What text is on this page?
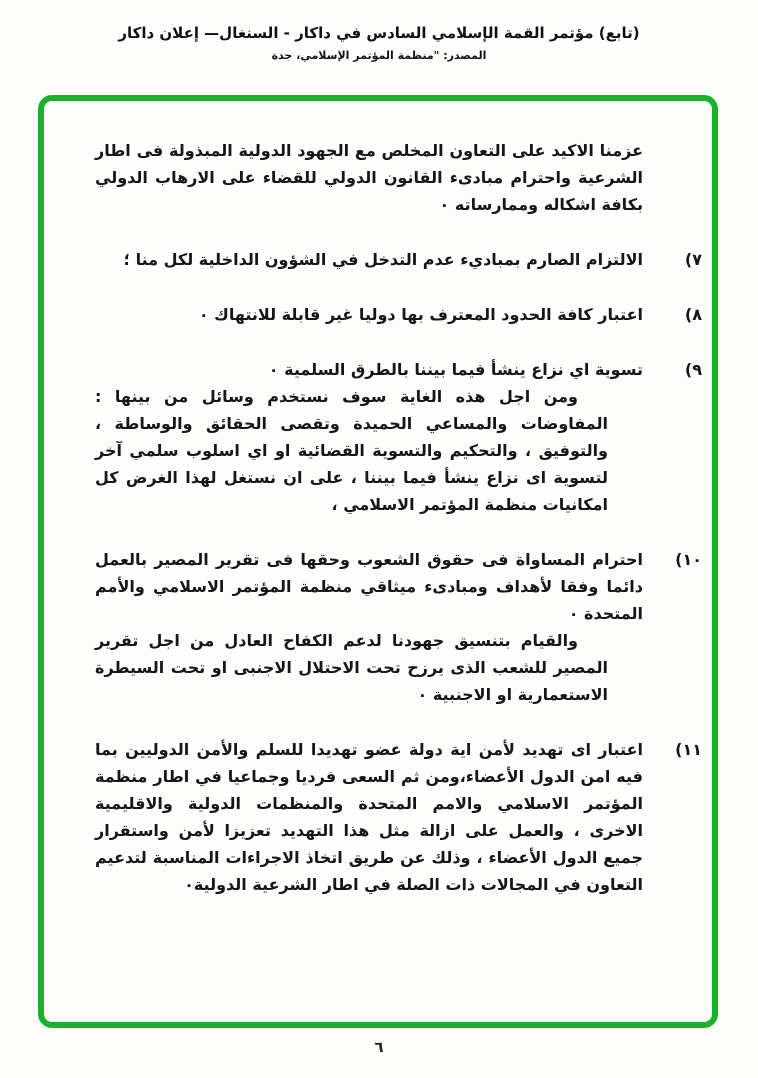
(تابع) مؤتمر القمة الإسلامي السادس في داكار - السنغال— إعلان داكار
المصدر: "منظمة المؤتمر الإسلامي، جدة

عزمنا الاكيد على التعاون المخلص مع الجهود الدولية المبذولة فى اطار الشرعية واحترام مبادىء القانون الدولي للقضاء على الارهاب الدولي بكافة اشكاله وممارساته ٠

٧)

الالتزام الصارم بمباديء عدم التدخل في الشؤون الداخلية لكل منا ؛

٨)

اعتبار كافة الحدود المعترف بها دوليا غير قابلة للانتهاك ٠

٩)

تسوية اي نزاع ينشأ فيما بيننا بالطرق السلمية ٠

ومن اجل هذه الغاية سوف نستخدم وسائل من بينها : المفاوضات والمساعي الحميدة وتقصى الحقائق والوساطة ، والتوفيق ، والتحكيم والتسوية القضائية او اي اسلوب سلمي آخر لتسوية اى نزاع ينشأ فيما بيننا ، على ان نستغل لهذا الغرض كل امكانيات منظمة المؤتمر الاسلامي ،

١٠)

احترام المساواة فى حقوق الشعوب وحقها فى تقرير المصير بالعمل دائما وفقا لأهداف ومبادىء ميثاقي منظمة المؤتمر الاسلامي والأمم المتحدة ٠

والقيام بتنسيق جهودنا لدعم الكفاح العادل من اجل تقرير المصير للشعب الذى يرزح تحت الاحتلال الاجنبى او تحت السيطرة الاستعمارية او الاجنبية ٠

١١)

اعتبار اى تهديد لأمن اية دولة عضو تهديدا للسلم والأمن الدوليين بما فيه امن الدول الأعضاء،ومن ثم السعى فرديا وجماعيا في اطار منظمة المؤتمر الاسلامي والامم المتحدة والمنظمات الدولية والاقليمية الاخرى ، والعمل على ازالة مثل هذا التهديد تعزيزا لأمن واستقرار جميع الدول الأعضاء ، وذلك عن طريق اتخاذ الاجراءات المناسبة لتدعيم التعاون في المجالات ذات الصلة في اطار الشرعية الدولية٠

٦
